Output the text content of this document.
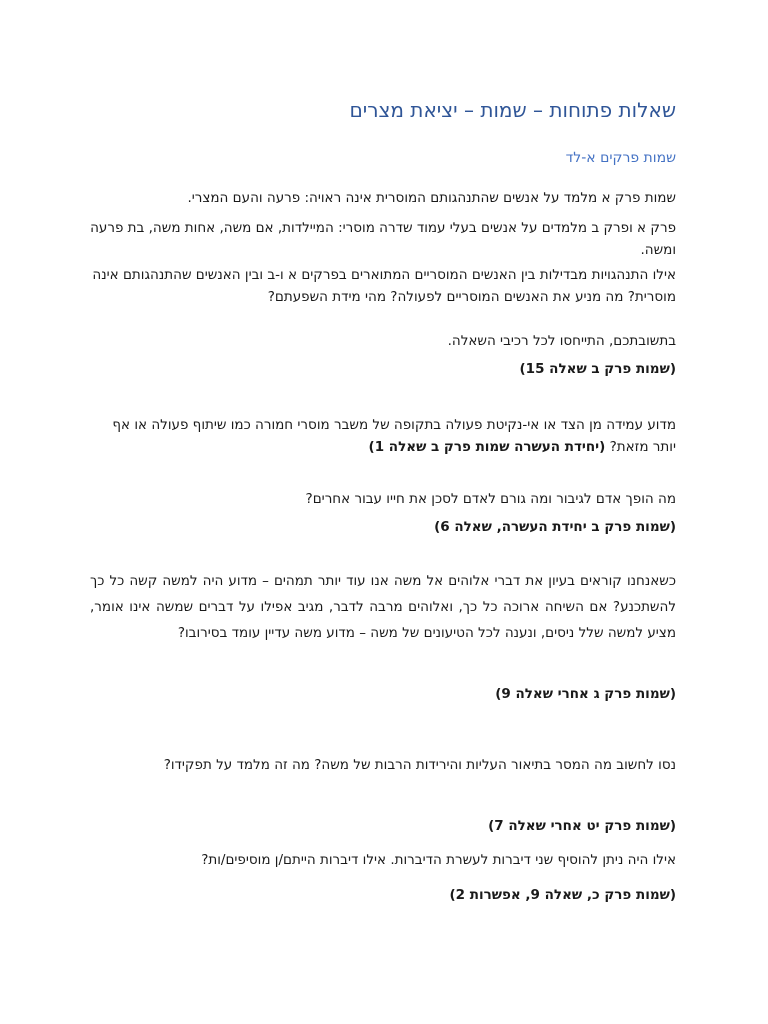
שאלות פתוחות – שמות – יציאת מצרים
שמות פרקים א-לד

שמות פרק א מלמד על אנשים שהתנהגותם המוסרית אינה ראויה: פרעה והעם המצרי.

פרק א ופרק ב מלמדים על אנשים בעלי עמוד שדרה מוסרי: המיילדות, אם משה, אחות משה, בת פרעה ומשה.

אילו התנהגויות מבדילות בין האנשים המוסריים המתוארים בפרקים א ו-ב ובין האנשים שהתנהגותם אינה מוסרית? מה מניע את האנשים המוסריים לפעולה? מהי מידת השפעתם?

בתשובתכם, התייחסו לכל רכיבי השאלה.

(שמות פרק ב שאלה 15)

מדוע עמידה מן הצד או אי-נקיטת פעולה בתקופה של משבר מוסרי חמורה כמו שיתוף פעולה או אף יותר מזאת? (יחידת העשרה שמות פרק ב שאלה 1)

מה הופך אדם לגיבור ומה גורם לאדם לסכן את חייו עבור אחרים?

(שמות פרק ב יחידת העשרה, שאלה 6)

כשאנחנו קוראים בעיון את דברי אלוהים אל משה אנו עוד יותר תמהים – מדוע היה למשה קשה כל כך להשתכנע? אם השיחה ארוכה כל כך, ואלוהים מרבה לדבר, מגיב אפילו על דברים שמשה אינו אומר, מציע למשה שלל ניסים, ונענה לכל הטיעונים של משה – מדוע משה עדיין עומד בסירובו?

(שמות פרק ג אחרי שאלה 9)

נסו לחשוב מה המסר בתיאור העליות והירידות הרבות של משה? מה זה מלמד על תפקידו?

(שמות פרק יט אחרי שאלה 7)

אילו היה ניתן להוסיף שני דיברות לעשרת הדיברות. אילו דיברות הייתם/ן מוסיפים/ות?

(שמות פרק כ, שאלה 9, אפשרות 2)
